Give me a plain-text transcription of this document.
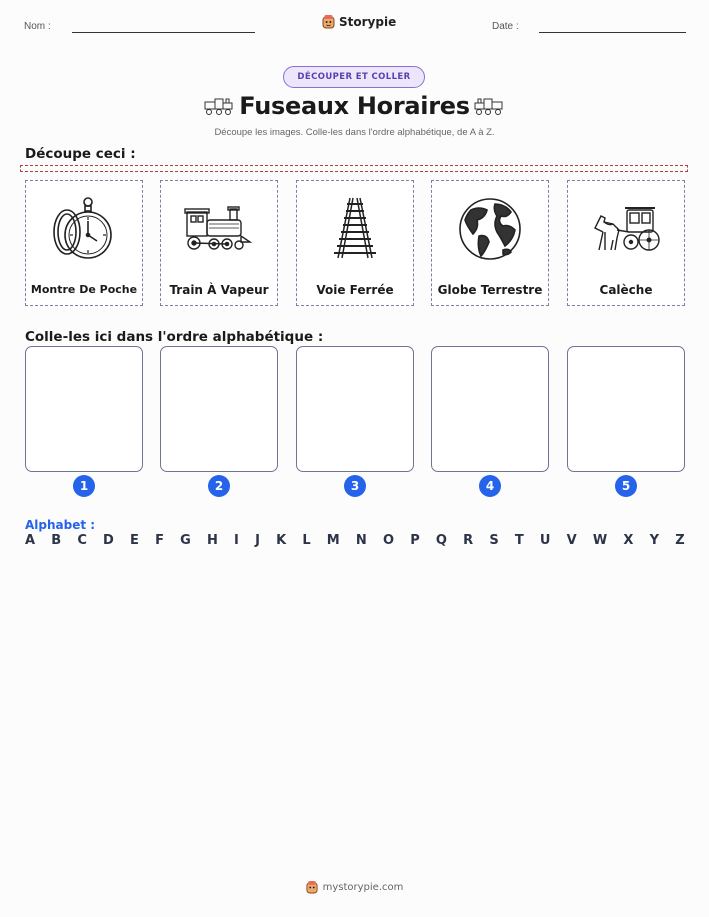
Nom :	Storypie	Date :
DÉCOUPER ET COLLER
Fuseaux Horaires
Découpe les images. Colle-les dans l'ordre alphabétique, de A à Z.
Découpe ceci :
Montre De Poche	Train À Vapeur	Voie Ferrée	Globe Terrestre	Calèche
Colle-les ici dans l'ordre alphabétique :
1	2	3	4	5
Alphabet :
A B C D E F G H I J K L M N O P Q R S T U V W X Y Z
mystorypie.com
